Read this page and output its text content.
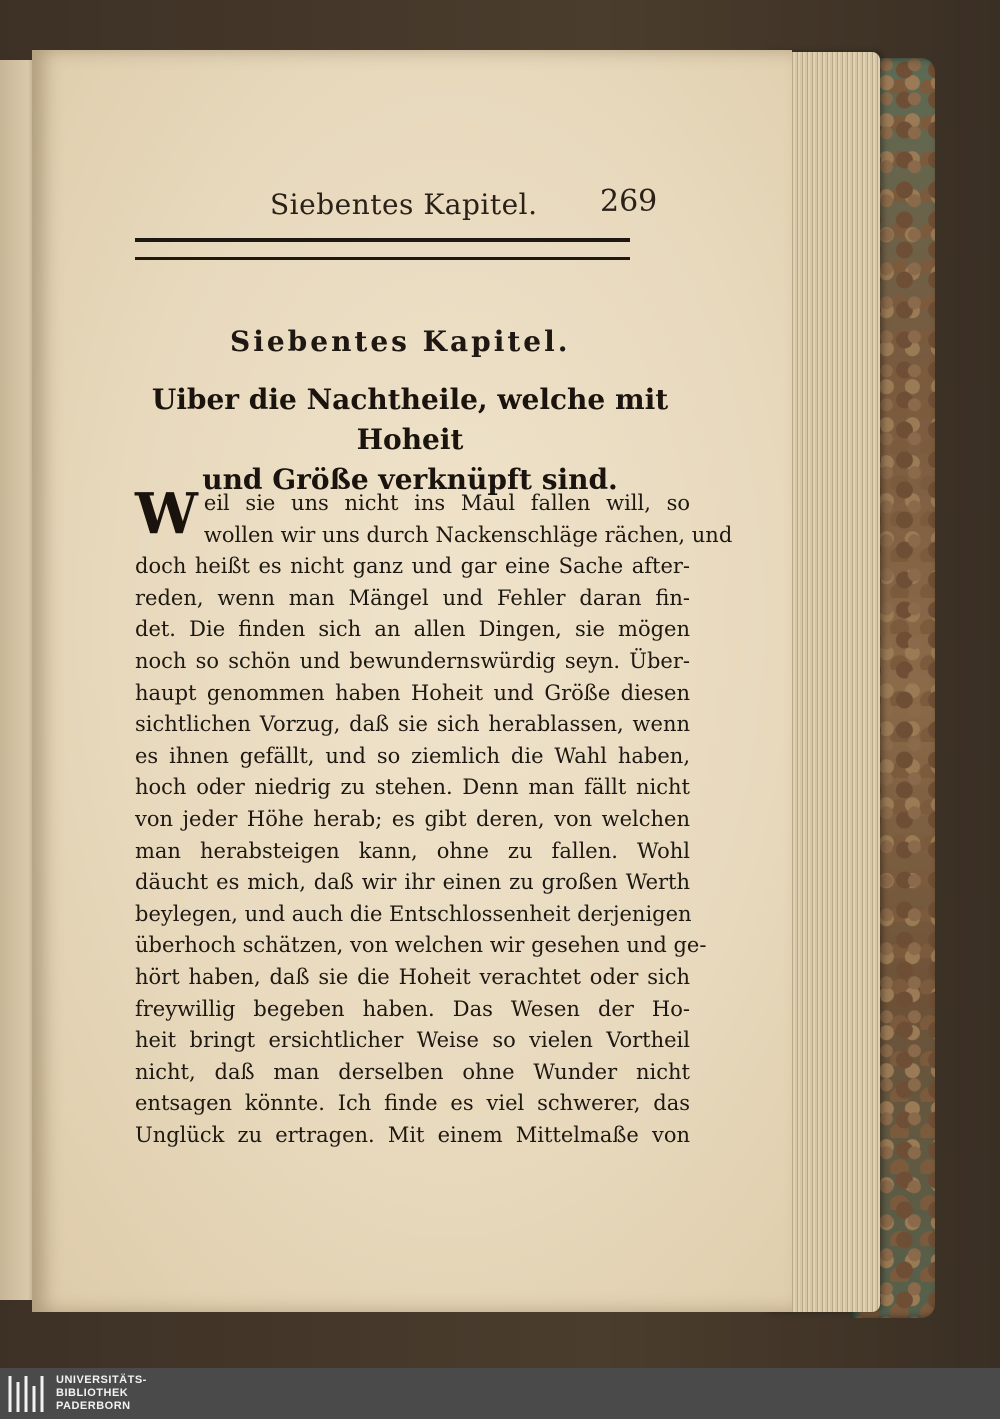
Siebentes Kapitel. 269
Siebentes Kapitel.
Uiber die Nachtheile, welche mit Hoheit
und Größe verknüpft sind.
W eil sie uns nicht ins Maul fallen will, so
wollen wir uns durch Nackenschläge rächen, und
doch heißt es nicht ganz und gar eine Sache after-
reden, wenn man Mängel und Fehler daran fin-
det. Die finden sich an allen Dingen, sie mögen
noch so schön und bewundernswürdig seyn. Über-
haupt genommen haben Hoheit und Größe diesen
sichtlichen Vorzug, daß sie sich herablassen, wenn
es ihnen gefällt, und so ziemlich die Wahl haben,
hoch oder niedrig zu stehen. Denn man fällt nicht
von jeder Höhe herab; es gibt deren, von welchen
man herabsteigen kann, ohne zu fallen. Wohl
däucht es mich, daß wir ihr einen zu großen Werth
beylegen, und auch die Entschlossenheit derjenigen
überhoch schätzen, von welchen wir gesehen und ge-
hört haben, daß sie die Hoheit verachtet oder sich
freywillig begeben haben. Das Wesen der Ho-
heit bringt ersichtlicher Weise so vielen Vortheil
nicht, daß man derselben ohne Wunder nicht
entsagen könnte. Ich finde es viel schwerer, das
Unglück zu ertragen. Mit einem Mittelmaße von
UNIVERSITÄTS-
BIBLIOTHEK
PADERBORN
